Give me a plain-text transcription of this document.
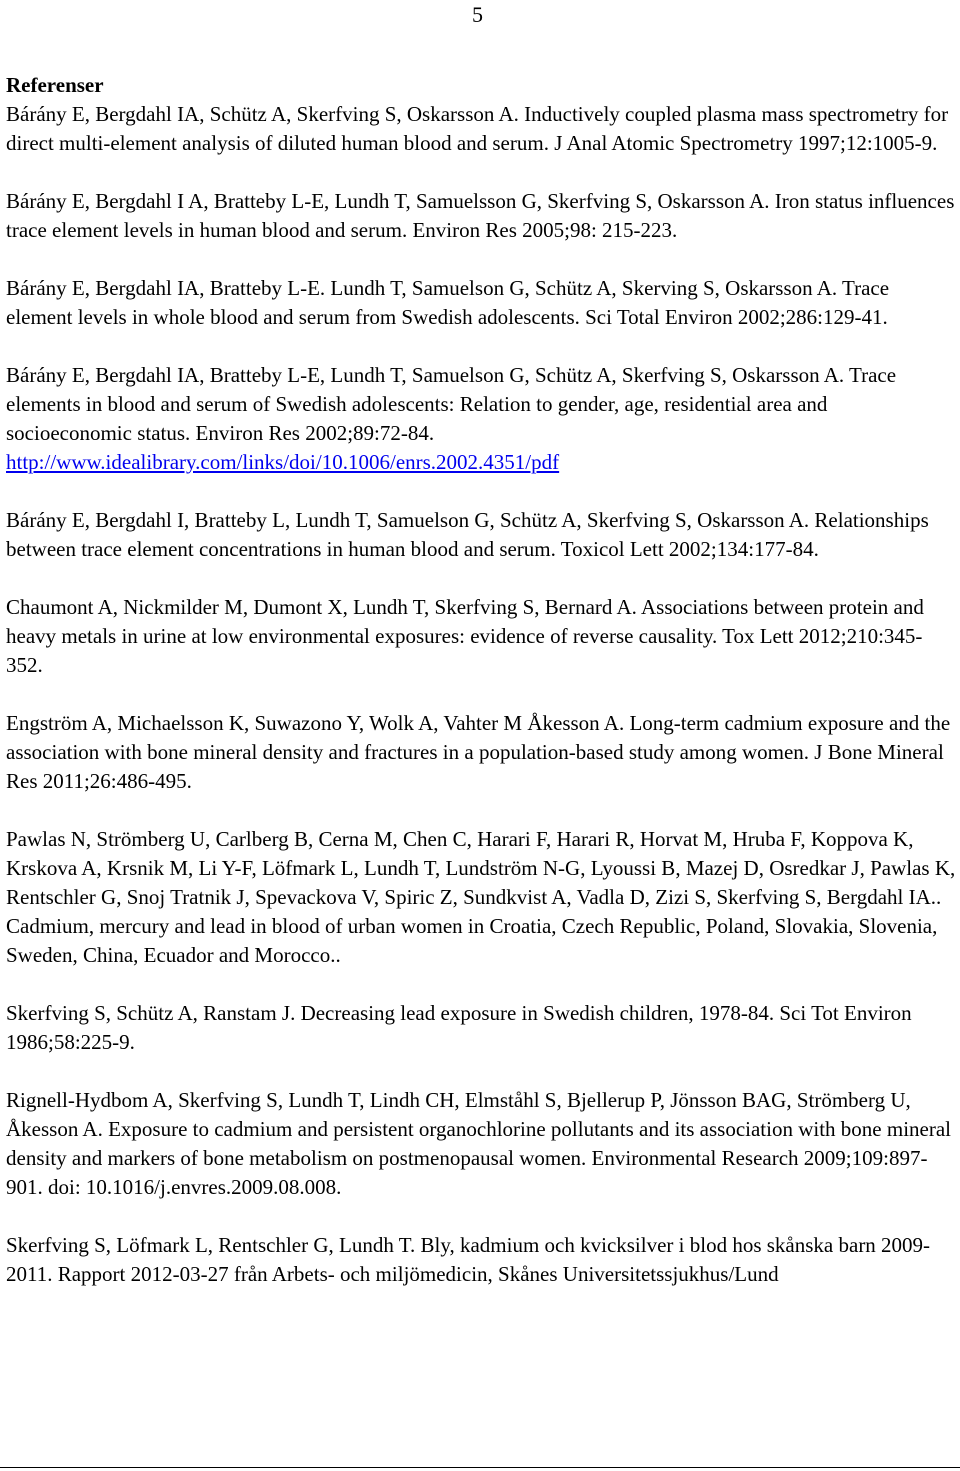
5

Referenser

Bárány E, Bergdahl IA, Schütz A, Skerfving S, Oskarsson A. Inductively coupled plasma mass spectrometry for direct multi-element analysis of diluted human blood and serum. J Anal Atomic Spectrometry 1997;12:1005-9.

Bárány E, Bergdahl I A, Bratteby L-E, Lundh T, Samuelsson G, Skerfving S, Oskarsson A. Iron status influences trace element levels in human blood and serum. Environ Res 2005;98: 215-223.

Bárány E, Bergdahl IA, Bratteby L-E. Lundh T, Samuelson G, Schütz A, Skerving S, Oskarsson A. Trace element levels in whole blood and serum from Swedish adolescents. Sci Total Environ 2002;286:129-41.

Bárány E, Bergdahl IA, Bratteby L-E, Lundh T, Samuelson G, Schütz A, Skerfving S, Oskarsson A. Trace elements in blood and serum of Swedish adolescents: Relation to gender, age, residential area and socioeconomic status. Environ Res 2002;89:72-84.
http://www.idealibrary.com/links/doi/10.1006/enrs.2002.4351/pdf

Bárány E, Bergdahl I, Bratteby L, Lundh T, Samuelson G, Schütz A, Skerfving S, Oskarsson A. Relationships between trace element concentrations in human blood and serum. Toxicol Lett 2002;134:177-84.

Chaumont A, Nickmilder M, Dumont X, Lundh T, Skerfving S, Bernard A. Associations between protein and heavy metals in urine at low environmental exposures: evidence of reverse causality. Tox Lett 2012;210:345-352.

Engström A, Michaelsson K, Suwazono Y, Wolk A, Vahter M Åkesson A. Long-term cadmium exposure and the association with bone mineral density and fractures in a population-based study among women. J Bone Mineral Res 2011;26:486-495.

Pawlas N, Strömberg U, Carlberg B, Cerna M, Chen C, Harari F, Harari R, Horvat M, Hruba F, Koppova K, Krskova A, Krsnik M, Li Y-F, Löfmark L, Lundh T, Lundström N-G, Lyoussi B, Mazej D, Osredkar J, Pawlas K, Rentschler G, Snoj Tratnik J, Spevackova V, Spiric Z, Sundkvist A, Vadla D, Zizi S, Skerfving S, Bergdahl IA.. Cadmium, mercury and lead in blood of urban women in Croatia, Czech Republic, Poland, Slovakia, Slovenia, Sweden, China, Ecuador and Morocco..

Skerfving S, Schütz A, Ranstam J. Decreasing lead exposure in Swedish children, 1978-84. Sci Tot Environ 1986;58:225-9.

Rignell-Hydbom A, Skerfving S, Lundh T, Lindh CH, Elmståhl S, Bjellerup P, Jönsson BAG, Strömberg U, Åkesson A. Exposure to cadmium and persistent organochlorine pollutants and its association with bone mineral density and markers of bone metabolism on postmenopausal women. Environmental Research 2009;109:897-901. doi: 10.1016/j.envres.2009.08.008.

Skerfving S, Löfmark L, Rentschler G, Lundh T. Bly, kadmium och kvicksilver i blod hos skånska barn 2009-2011. Rapport 2012-03-27 från Arbets- och miljömedicin, Skånes Universitetssjukhus/Lund
